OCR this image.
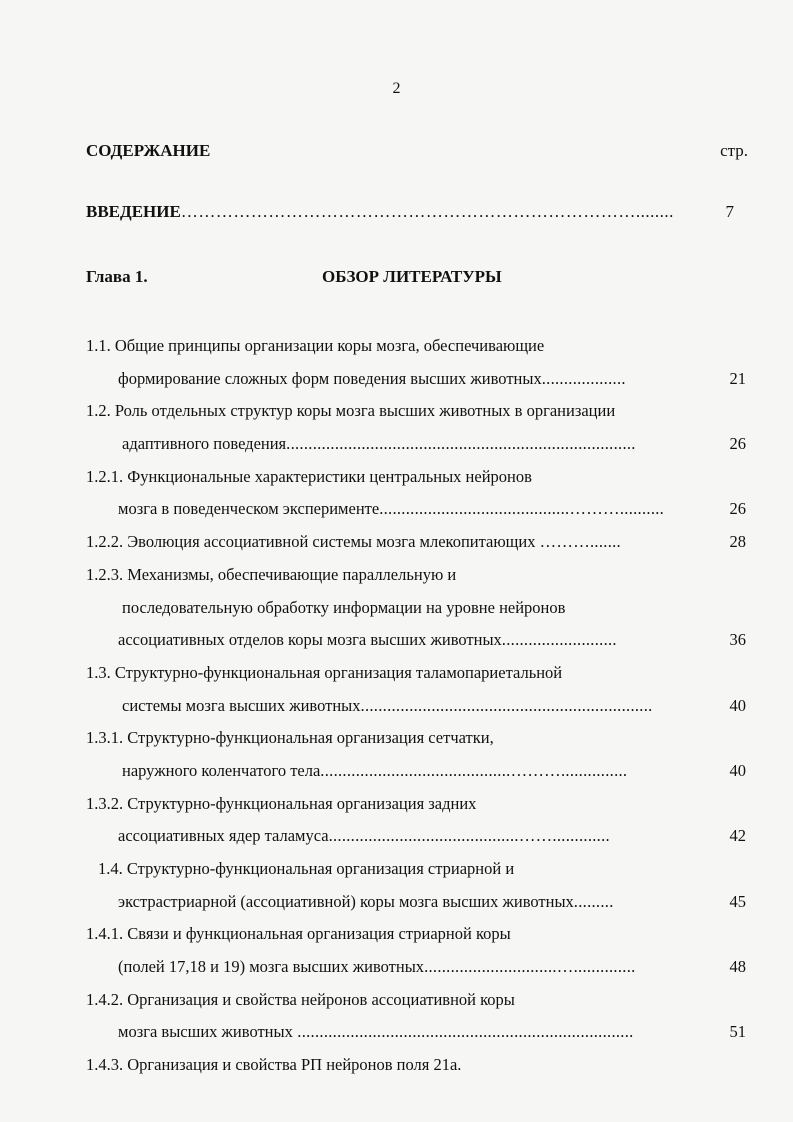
2
СОДЕРЖАНИЕ	стр.
ВВЕДЕНИЕ……………………………………………………………………........	7
Глава 1.	ОБЗОР ЛИТЕРАТУРЫ
1.1. Общие принципы организации коры мозга, обеспечивающие
формирование сложных форм поведения высших животных...................	21
1.2. Роль отдельных структур коры мозга высших животных в организации
адаптивного поведения...............................................................................	26
1.2.1. Функциональные характеристики центральных нейронов
мозга в поведенческом эксперименте...........................................………..........	26
1.2.2. Эволюция ассоциативной системы мозга млекопитающих ……….......	28
1.2.3. Механизмы, обеспечивающие параллельную и
последовательную обработку информации на уровне нейронов
ассоциативных отделов коры мозга высших животных..........................	36
1.3. Структурно-функциональная организация таламопариетальной
системы мозга высших животных..................................................................	40
1.3.1. Структурно-функциональная организация сетчатки,
наружного коленчатого тела...........................................………...............	40
1.3.2. Структурно-функциональная организация задних
ассоциативных ядер таламуса...........................................…….............	42
1.4. Структурно-функциональная организация стриарной и
экстрастриарной (ассоциативной) коры мозга высших животных.........	45
1.4.1. Связи и функциональная организация стриарной коры
(полей 17,18 и 19) мозга высших животных..............................…..............	48
1.4.2. Организация и свойства нейронов ассоциативной коры
мозга высших животных ............................................................................	51
1.4.3. Организация и свойства РП нейронов поля 21а.
